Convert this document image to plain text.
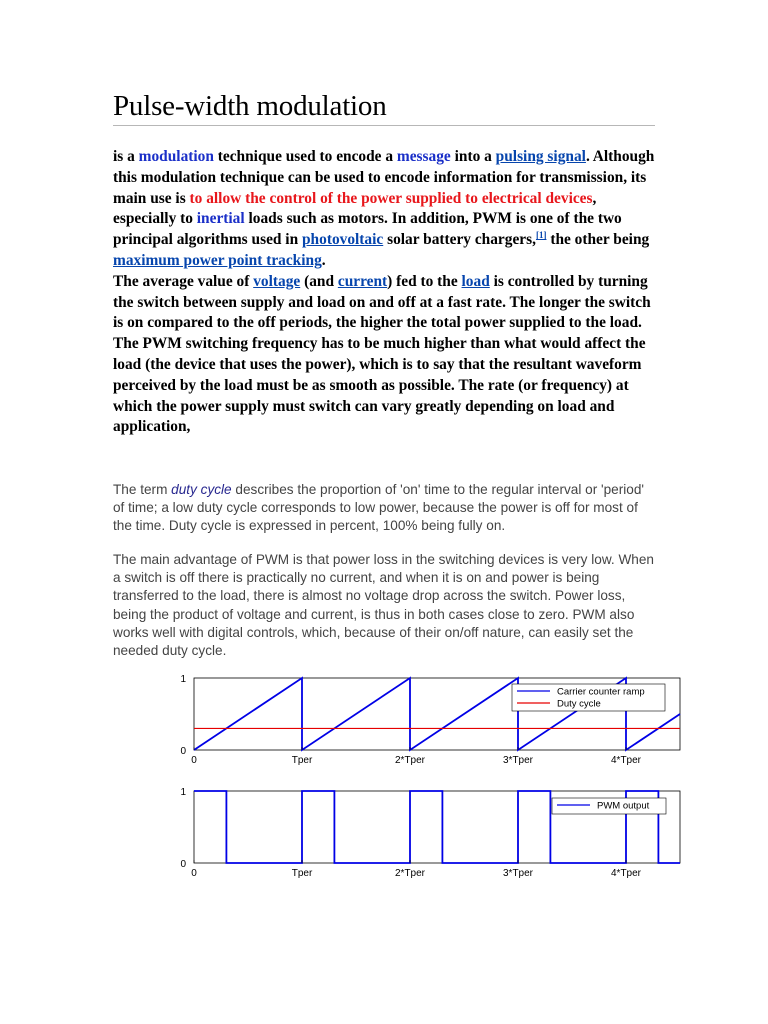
Pulse-width modulation

is a modulation technique used to encode a message into a pulsing signal. Although this modulation technique can be used to encode information for transmission, its main use is to allow the control of the power supplied to electrical devices, especially to inertial loads such as motors. In addition, PWM is one of the two principal algorithms used in photovoltaic solar battery chargers,[1] the other being maximum power point tracking.

The average value of voltage (and current) fed to the load is controlled by turning the switch between supply and load on and off at a fast rate. The longer the switch is on compared to the off periods, the higher the total power supplied to the load.

The PWM switching frequency has to be much higher than what would affect the load (the device that uses the power), which is to say that the resultant waveform perceived by the load must be as smooth as possible. The rate (or frequency) at which the power supply must switch can vary greatly depending on load and application,

The term duty cycle describes the proportion of 'on' time to the regular interval or 'period' of time; a low duty cycle corresponds to low power, because the power is off for most of the time. Duty cycle is expressed in percent, 100% being fully on.

The main advantage of PWM is that power loss in the switching devices is very low. When a switch is off there is practically no current, and when it is on and power is being transferred to the load, there is almost no voltage drop across the switch. Power loss, being the product of voltage and current, is thus in both cases close to zero. PWM also works well with digital controls, which, because of their on/off nature, can easily set the needed duty cycle.

0	Tper	2*Tper	3*Tper	4*Tper
0
1
Carrier counter ramp
Duty cycle
0	Tper	2*Tper	3*Tper	4*Tper
0
1
PWM output
